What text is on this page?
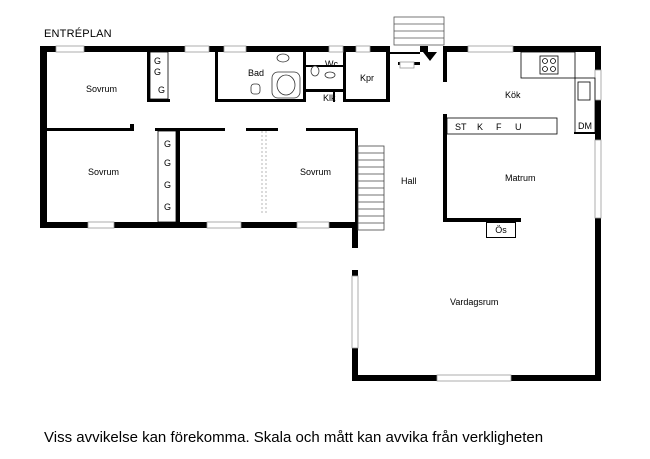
ENTRÉPLAN
Sovrum
Sovrum	Sovrum
Bad
Wc
Kpr
Klk	Kök
Hall	Matrum
Vardagsrum
G
G
G
G
G
G
G
ST K F U	DM
Ös
Viss avvikelse kan förekomma. Skala och mått kan avvika från verkligheten
